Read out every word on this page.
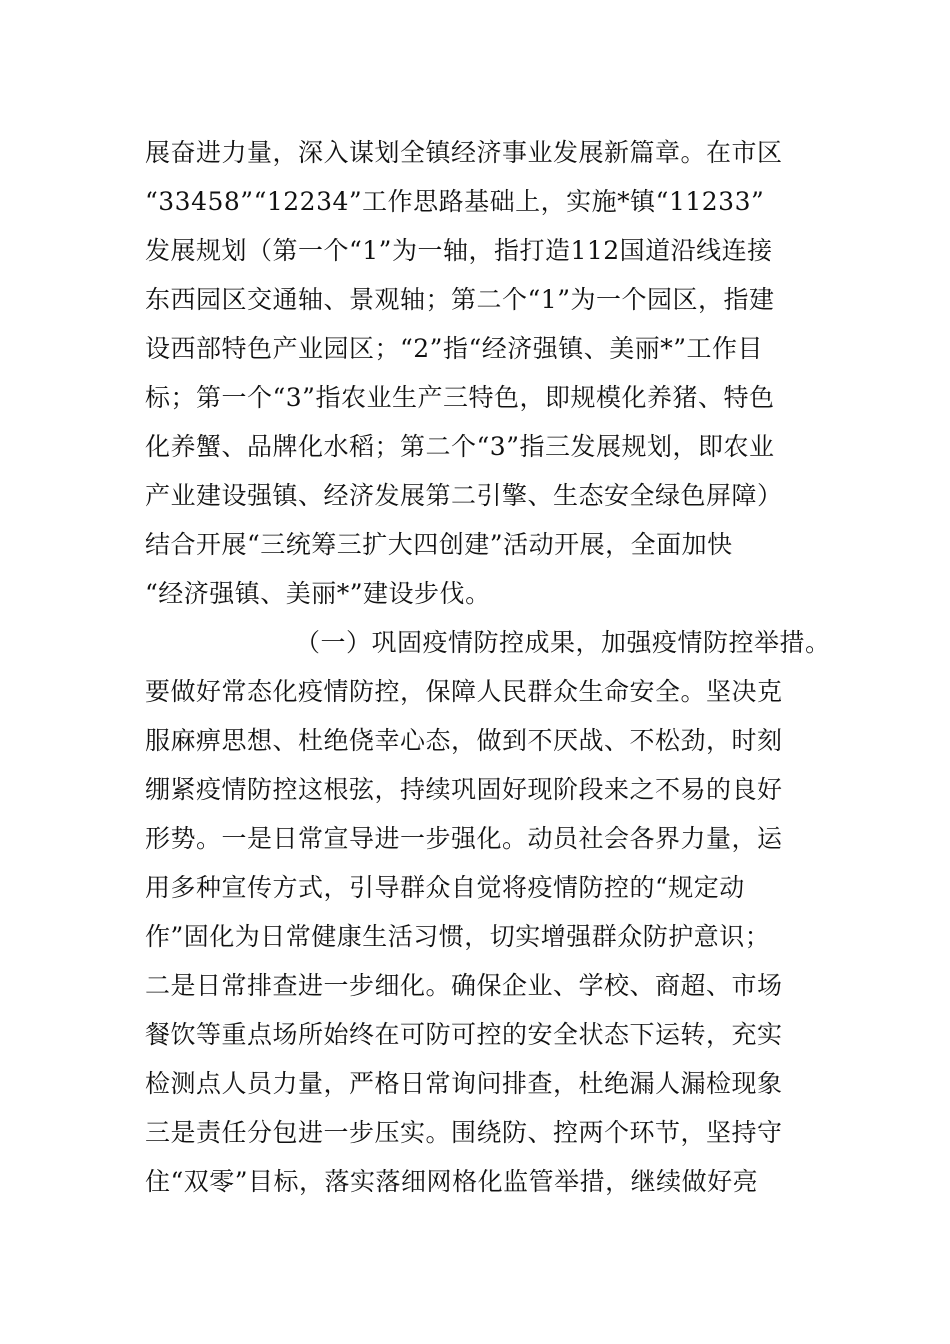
展奋进力量，深入谋划全镇经济事业发展新篇章。在市区
“33458”“12234”工作思路基础上，实施*镇“11233”
发展规划（第一个“1”为一轴，指打造112国道沿线连接
东西园区交通轴、景观轴；第二个“1”为一个园区，指建
设西部特色产业园区；“2”指“经济强镇、美丽*”工作目
标；第一个“3”指农业生产三特色，即规模化养猪、特色
化养蟹、品牌化水稻；第二个“3”指三发展规划，即农业
产业建设强镇、经济发展第二引擎、生态安全绿色屏障）
结合开展“三统筹三扩大四创建”活动开展，全面加快
“经济强镇、美丽*”建设步伐。
（一）巩固疫情防控成果，加强疫情防控举措。
要做好常态化疫情防控，保障人民群众生命安全。坚决克
服麻痹思想、杜绝侥幸心态，做到不厌战、不松劲，时刻
绷紧疫情防控这根弦，持续巩固好现阶段来之不易的良好
形势。一是日常宣导进一步强化。动员社会各界力量，运
用多种宣传方式，引导群众自觉将疫情防控的“规定动
作”固化为日常健康生活习惯，切实增强群众防护意识；
二是日常排查进一步细化。确保企业、学校、商超、市场
餐饮等重点场所始终在可防可控的安全状态下运转，充实
检测点人员力量，严格日常询问排查，杜绝漏人漏检现象
三是责任分包进一步压实。围绕防、控两个环节，坚持守
住“双零”目标，落实落细网格化监管举措，继续做好亮
